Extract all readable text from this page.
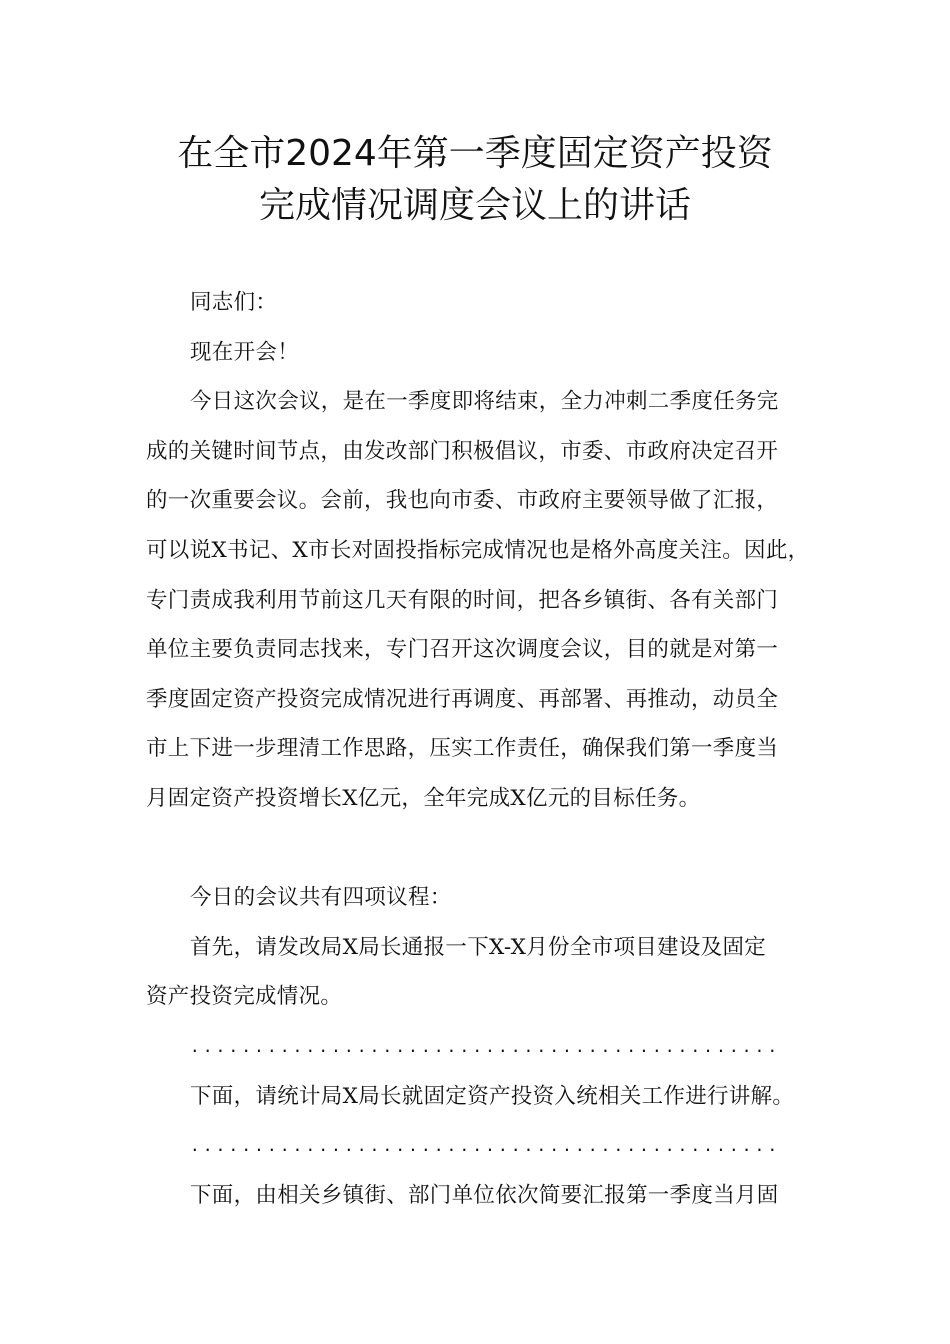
在全市2024年第一季度固定资产投资
完成情况调度会议上的讲话
同志们：
现在开会！
今日这次会议，是在一季度即将结束，全力冲刺二季度任务完
成的关键时间节点，由发改部门积极倡议，市委、市政府决定召开
的一次重要会议。会前，我也向市委、市政府主要领导做了汇报，
可以说X书记、X市长对固投指标完成情况也是格外高度关注。因此，
专门责成我利用节前这几天有限的时间，把各乡镇街、各有关部门
单位主要负责同志找来，专门召开这次调度会议，目的就是对第一
季度固定资产投资完成情况进行再调度、再部署、再推动，动员全
市上下进一步理清工作思路，压实工作责任，确保我们第一季度当
月固定资产投资增长X亿元，全年完成X亿元的目标任务。
今日的会议共有四项议程：
首先，请发改局X局长通报一下X-X月份全市项目建设及固定
资产投资完成情况。
..............................................
下面，请统计局X局长就固定资产投资入统相关工作进行讲解。
..............................................
下面，由相关乡镇街、部门单位依次简要汇报第一季度当月固
